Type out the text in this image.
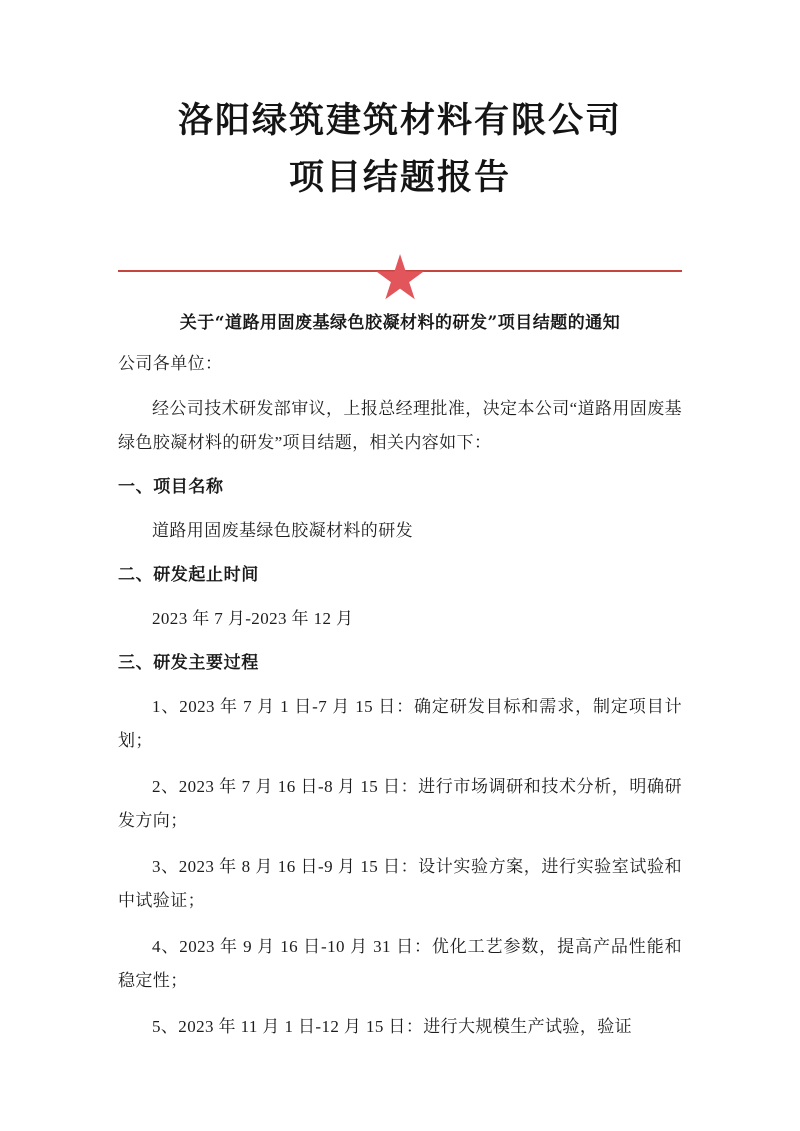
洛阳绿筑建筑材料有限公司
项目结题报告
★
关于“道路用固废基绿色胶凝材料的研发”项目结题的通知

公司各单位：

经公司技术研发部审议，上报总经理批准，决定本公司“道路用固废基绿色胶凝材料的研发”项目结题，相关内容如下：

一、项目名称

道路用固废基绿色胶凝材料的研发

二、研发起止时间

2023 年 7 月-2023 年 12 月

三、研发主要过程

1、2023 年 7 月 1 日-7 月 15 日：确定研发目标和需求，制定项目计划；

2、2023 年 7 月 16 日-8 月 15 日：进行市场调研和技术分析，明确研发方向；

3、2023 年 8 月 16 日-9 月 15 日：设计实验方案，进行实验室试验和中试验证；

4、2023 年 9 月 16 日-10 月 31 日：优化工艺参数，提高产品性能和稳定性；

5、2023 年 11 月 1 日-12 月 15 日：进行大规模生产试验，验证
